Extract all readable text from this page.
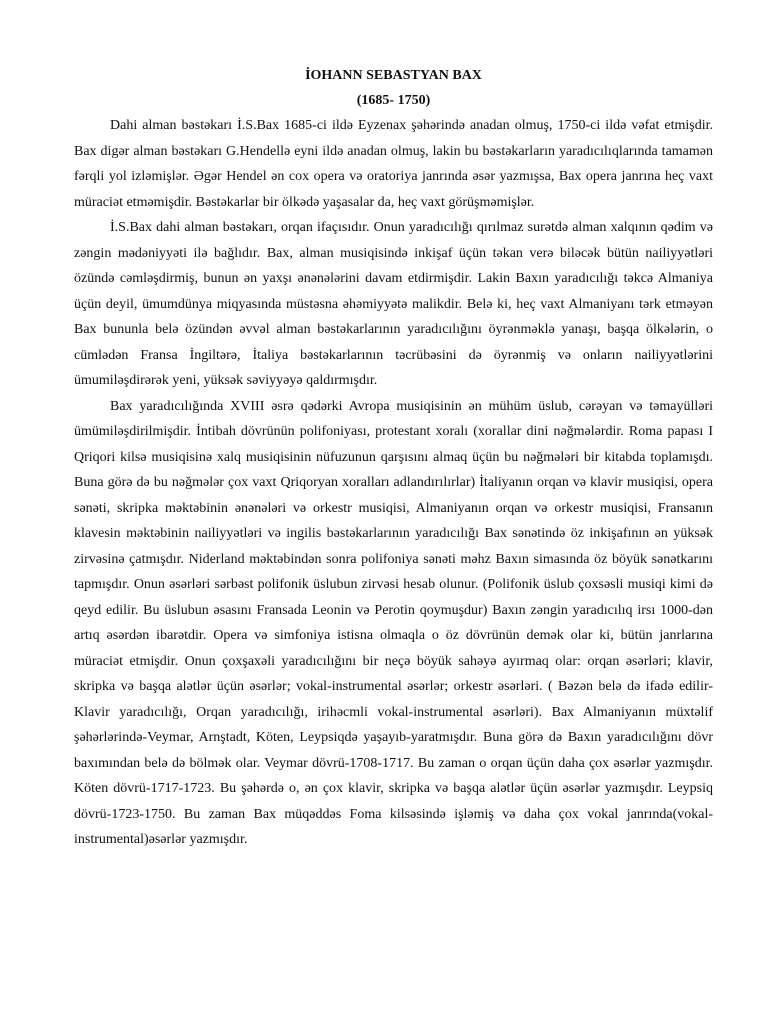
İOHANN SEBASTYAN BAX
(1685- 1750)

Dahi alman bəstəkarı İ.S.Bax 1685-ci ildə Eyzenax şəhərində anadan olmuş, 1750-ci ildə vəfat etmişdir. Bax digər alman bəstəkarı G.Hendellə eyni ildə anadan olmuş, lakin bu bəstəkarların yaradıcılıqlarında tamamən fərqli yol izləmişlər. Əgər Hendel ən cox opera və oratoriya janrında əsər yazmışsa, Bax opera janrına heç vaxt müraciət etməmişdir. Bəstəkarlar bir ölkədə yaşasalar da, heç vaxt görüşməmişlər.

İ.S.Bax dahi alman bəstəkarı, orqan ifaçısıdır. Onun yaradıcılığı qırılmaz surətdə alman xalqının qədim və zəngin mədəniyyəti ilə bağlıdır. Bax, alman musiqisində inkişaf üçün təkan verə biləcək bütün nailiyyətləri özündə cəmləşdirmiş, bunun ən yaxşı ənənələrini davam etdirmişdir. Lakin Baxın yaradıcılığı təkcə Almaniya üçün deyil, ümumdünya miqyasında müstəsna əhəmiyyətə malikdir. Belə ki, heç vaxt Almaniyanı tərk etməyən Bax bununla belə özündən əvvəl alman bəstəkarlarının yaradıcılığını öyrənməklə yanaşı, başqa ölkələrin, o cümlədən Fransa İngiltərə, İtaliya bəstəkarlarının təcrübəsini də öyrənmiş və onların nailiyyətlərini ümumiləşdirərək yeni, yüksək səviyyəyə qaldırmışdır.

Bax yaradıcılığında XVIII əsrə qədərki Avropa musiqisinin ən mühüm üslub, cərəyan və təmayülləri ümümiləşdirilmişdir. İntibah dövrünün polifoniyası, protestant xoralı (xorallar dini nəğmələrdir. Roma papası I Qriqori kilsə musiqisinə xalq musiqisinin nüfuzunun qarşısını almaq üçün bu nəğmələri bir kitabda toplamışdı. Buna görə də bu nəğmələr çox vaxt Qriqoryan xoralları adlandırılırlar) İtaliyanın orqan və klavir musiqisi, opera sənəti, skripka məktəbinin ənənələri və orkestr musiqisi, Almaniyanın orqan və orkestr musiqisi, Fransanın klavesin məktəbinin nailiyyətləri və ingilis bəstəkarlarının yaradıcılığı Bax sənətində öz inkişafının ən yüksək zirvəsinə çatmışdır. Niderland məktəbindən sonra polifoniya sənəti məhz Baxın simasında öz böyük sənətkarını tapmışdır. Onun əsərləri sərbəst polifonik üslubun zirvəsi hesab olunur. (Polifonik üslub çoxsəsli musiqi kimi də qeyd edilir. Bu üslubun əsasını Fransada Leonin və Perotin qoymuşdur) Baxın zəngin yaradıcılıq irsı 1000-dən artıq əsərdən ibarətdir. Opera və simfoniya istisna olmaqla o öz dövrünün demək olar ki, bütün janrlarına müraciət etmişdir. Onun çoxşaxəli yaradıcılığını bir neçə böyük sahəyə ayırmaq olar: orqan əsərləri; klavir, skripka və başqa alətlər üçün əsərlər; vokal-instrumental əsərlər; orkestr əsərləri. ( Bəzən belə də ifadə edilir-Klavir yaradıcılığı, Orqan yaradıcılığı, irihəcmli vokal-instrumental əsərləri). Bax Almaniyanın müxtəlif şəhərlərində-Veymar, Arnştadt, Köten, Leypsiqdə yaşayıb-yaratmışdır. Buna görə də Baxın yaradıcılığını dövr baxımından belə də bölmək olar. Veymar dövrü-1708-1717. Bu zaman o orqan üçün daha çox əsərlər yazmışdır. Köten dövrü-1717-1723. Bu şəhərdə o, ən çox klavir, skripka və başqa alətlər üçün əsərlər yazmışdır. Leypsiq dövrü-1723-1750. Bu zaman Bax müqəddəs Foma kilsəsində işləmiş və daha çox vokal janrında(vokal-instrumental)əsərlər yazmışdır.
